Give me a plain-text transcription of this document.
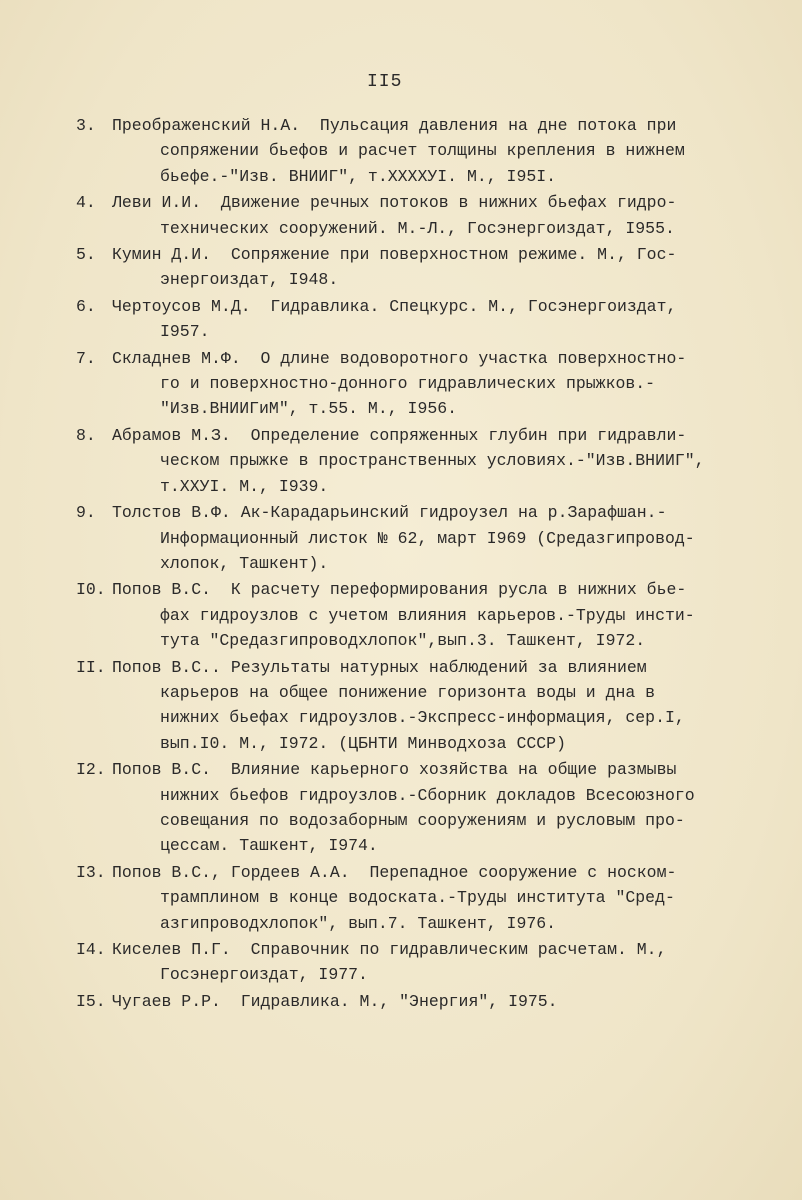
II5
3. Преображенский Н.А.  Пульсация давления на дне потока при
сопряжении бьефов и расчет толщины крепления в нижнем
бьефе.-"Изв. ВНИИГ", т.XXXXУI. М., I95I.
4. Леви И.И.  Движение речных потоков в нижних бьефах гидро-
технических сооружений. М.-Л., Госэнергоиздат, I955.
5. Кумин Д.И.  Сопряжение при поверхностном режиме. М., Гос-
энергоиздат, I948.
6. Чертоусов М.Д.  Гидравлика. Спецкурс. М., Госэнергоиздат,
I957.
7. Складнев М.Ф.  О длине водоворотного участка поверхностно-
го и поверхностно-донного гидравлических прыжков.-
"Изв.ВНИИГиМ", т.55. М., I956.
8. Абрамов М.З.  Определение сопряженных глубин при гидравли-
ческом прыжке в пространственных условиях.-"Изв.ВНИИГ",
т.XXУI. М., I939.
9. Толстов В.Ф. Ак-Карадарьинский гидроузел на р.Зарафшан.-
Информационный листок № 62, март I969 (Средазгипровод-
хлопок, Ташкент).
I0. Попов В.С.  К расчету переформирования русла в нижних бье-
фах гидроузлов с учетом влияния карьеров.-Труды инсти-
тута "Средазгипроводхлопок",вып.3. Ташкент, I972.
II. Попов В.С.. Результаты натурных наблюдений за влиянием
карьеров на общее понижение горизонта воды и дна в
нижних бьефах гидроузлов.-Экспресс-информация, сер.I,
вып.I0. М., I972. (ЦБНТИ Минводхоза СССР)
I2. Попов В.С.  Влияние карьерного хозяйства на общие размывы
нижних бьефов гидроузлов.-Сборник докладов Всесоюзного
совещания по водозаборным сооружениям и русловым про-
цессам. Ташкент, I974.
I3. Попов В.С., Гордеев А.А.  Перепадное сооружение с носком-
трамплином в конце водоската.-Труды института "Сред-
азгипроводхлопок", вып.7. Ташкент, I976.
I4. Киселев П.Г.  Справочник по гидравлическим расчетам. М.,
Госэнергоиздат, I977.
I5. Чугаев Р.Р.  Гидравлика. М., "Энергия", I975.
